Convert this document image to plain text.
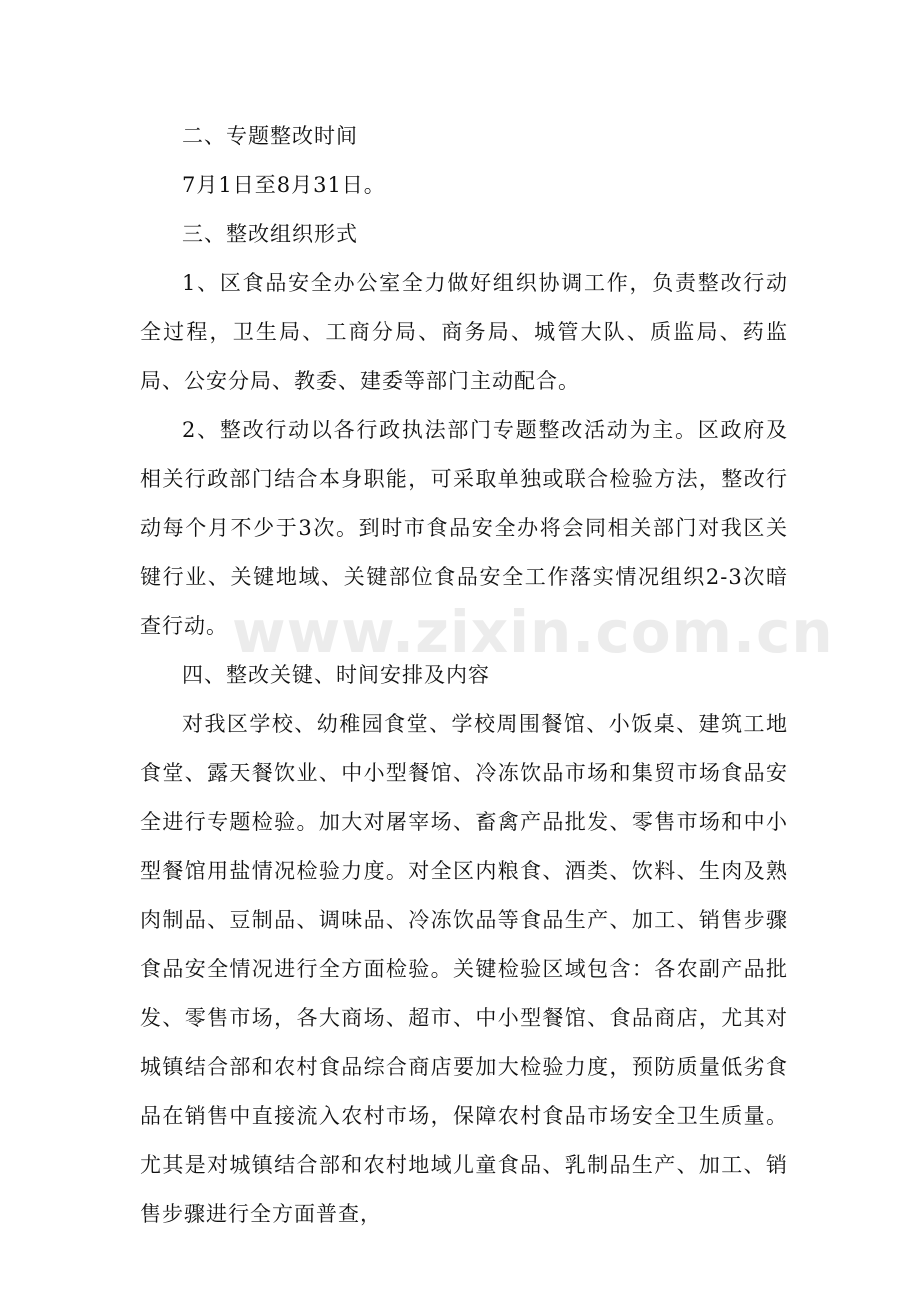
www.zixin.com.cn

二、专题整改时间

7月1日至8月31日。

三、整改组织形式

1、区食品安全办公室全力做好组织协调工作，负责整改行动全过程，卫生局、工商分局、商务局、城管大队、质监局、药监局、公安分局、教委、建委等部门主动配合。

2、整改行动以各行政执法部门专题整改活动为主。区政府及相关行政部门结合本身职能，可采取单独或联合检验方法，整改行动每个月不少于3次。到时市食品安全办将会同相关部门对我区关键行业、关键地域、关键部位食品安全工作落实情况组织2-3次暗查行动。

四、整改关键、时间安排及内容

对我区学校、幼稚园食堂、学校周围餐馆、小饭桌、建筑工地食堂、露天餐饮业、中小型餐馆、冷冻饮品市场和集贸市场食品安全进行专题检验。加大对屠宰场、畜禽产品批发、零售市场和中小型餐馆用盐情况检验力度。对全区内粮食、酒类、饮料、生肉及熟肉制品、豆制品、调味品、冷冻饮品等食品生产、加工、销售步骤食品安全情况进行全方面检验。关键检验区域包含：各农副产品批发、零售市场，各大商场、超市、中小型餐馆、食品商店，尤其对城镇结合部和农村食品综合商店要加大检验力度，预防质量低劣食品在销售中直接流入农村市场，保障农村食品市场安全卫生质量。尤其是对城镇结合部和农村地域儿童食品、乳制品生产、加工、销售步骤进行全方面普查，
